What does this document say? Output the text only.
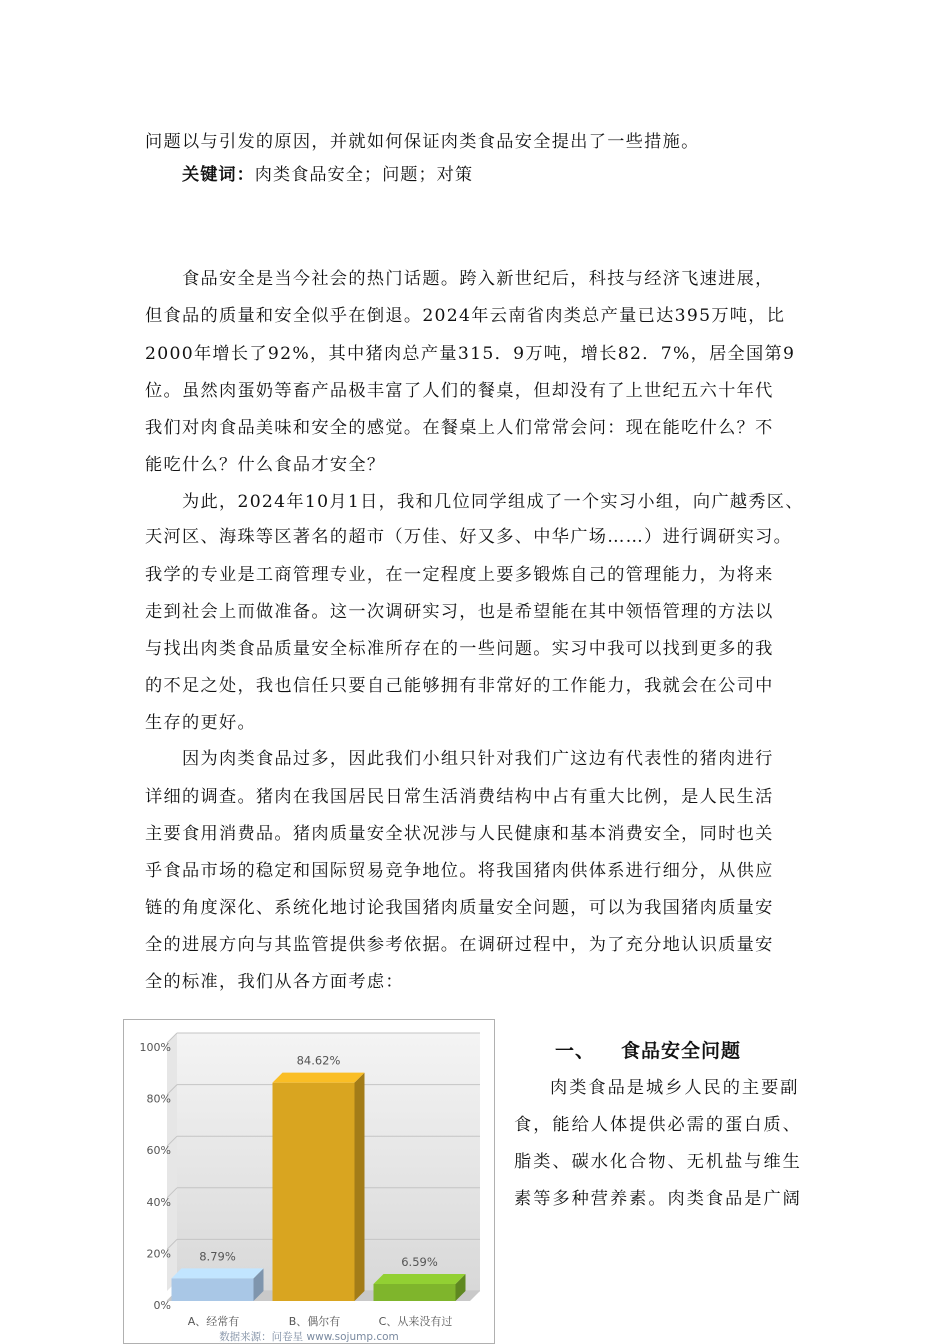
问题以与引发的原因，并就如何保证肉类食品安全提出了一些措施。
关键词：肉类食品安全；问题；对策
食品安全是当今社会的热门话题。跨入新世纪后，科技与经济飞速进展，
但食品的质量和安全似乎在倒退。2024年云南省肉类总产量已达395万吨，比
2000年增长了92%，其中猪肉总产量315．9万吨，增长82．7%，居全国第9
位。虽然肉蛋奶等畜产品极丰富了人们的餐桌，但却没有了上世纪五六十年代
我们对肉食品美味和安全的感觉。在餐桌上人们常常会问：现在能吃什么？不
能吃什么？什么食品才安全？
为此，2024年10月1日，我和几位同学组成了一个实习小组，向广越秀区、
天河区、海珠等区著名的超市（万佳、好又多、中华广场……）进行调研实习。
我学的专业是工商管理专业，在一定程度上要多锻炼自己的管理能力，为将来
走到社会上而做准备。这一次调研实习，也是希望能在其中领悟管理的方法以
与找出肉类食品质量安全标准所存在的一些问题。实习中我可以找到更多的我
的不足之处，我也信任只要自己能够拥有非常好的工作能力，我就会在公司中
生存的更好。
因为肉类食品过多，因此我们小组只针对我们广这边有代表性的猪肉进行
详细的调查。猪肉在我国居民日常生活消费结构中占有重大比例，是人民生活
主要食用消费品。猪肉质量安全状况涉与人民健康和基本消费安全，同时也关
乎食品市场的稳定和国际贸易竞争地位。将我国猪肉供体系进行细分，从供应
链的角度深化、系统化地讨论我国猪肉质量安全问题，可以为我国猪肉质量安
全的进展方向与其监管提供参考依据。在调研过程中，为了充分地认识质量安
全的标准，我们从各方面考虑：
100%
80%
60%
40%
20%
0%
8.79%
84.62%
6.59%
A、经常有	B、偶尔有	C、从来没有过
数据来源：问卷星 www.sojump.com
一、 食品安全问题
肉类食品是城乡人民的主要副
食，能给人体提供必需的蛋白质、
脂类、碳水化合物、无机盐与维生
素等多种营养素。肉类食品是广阔
